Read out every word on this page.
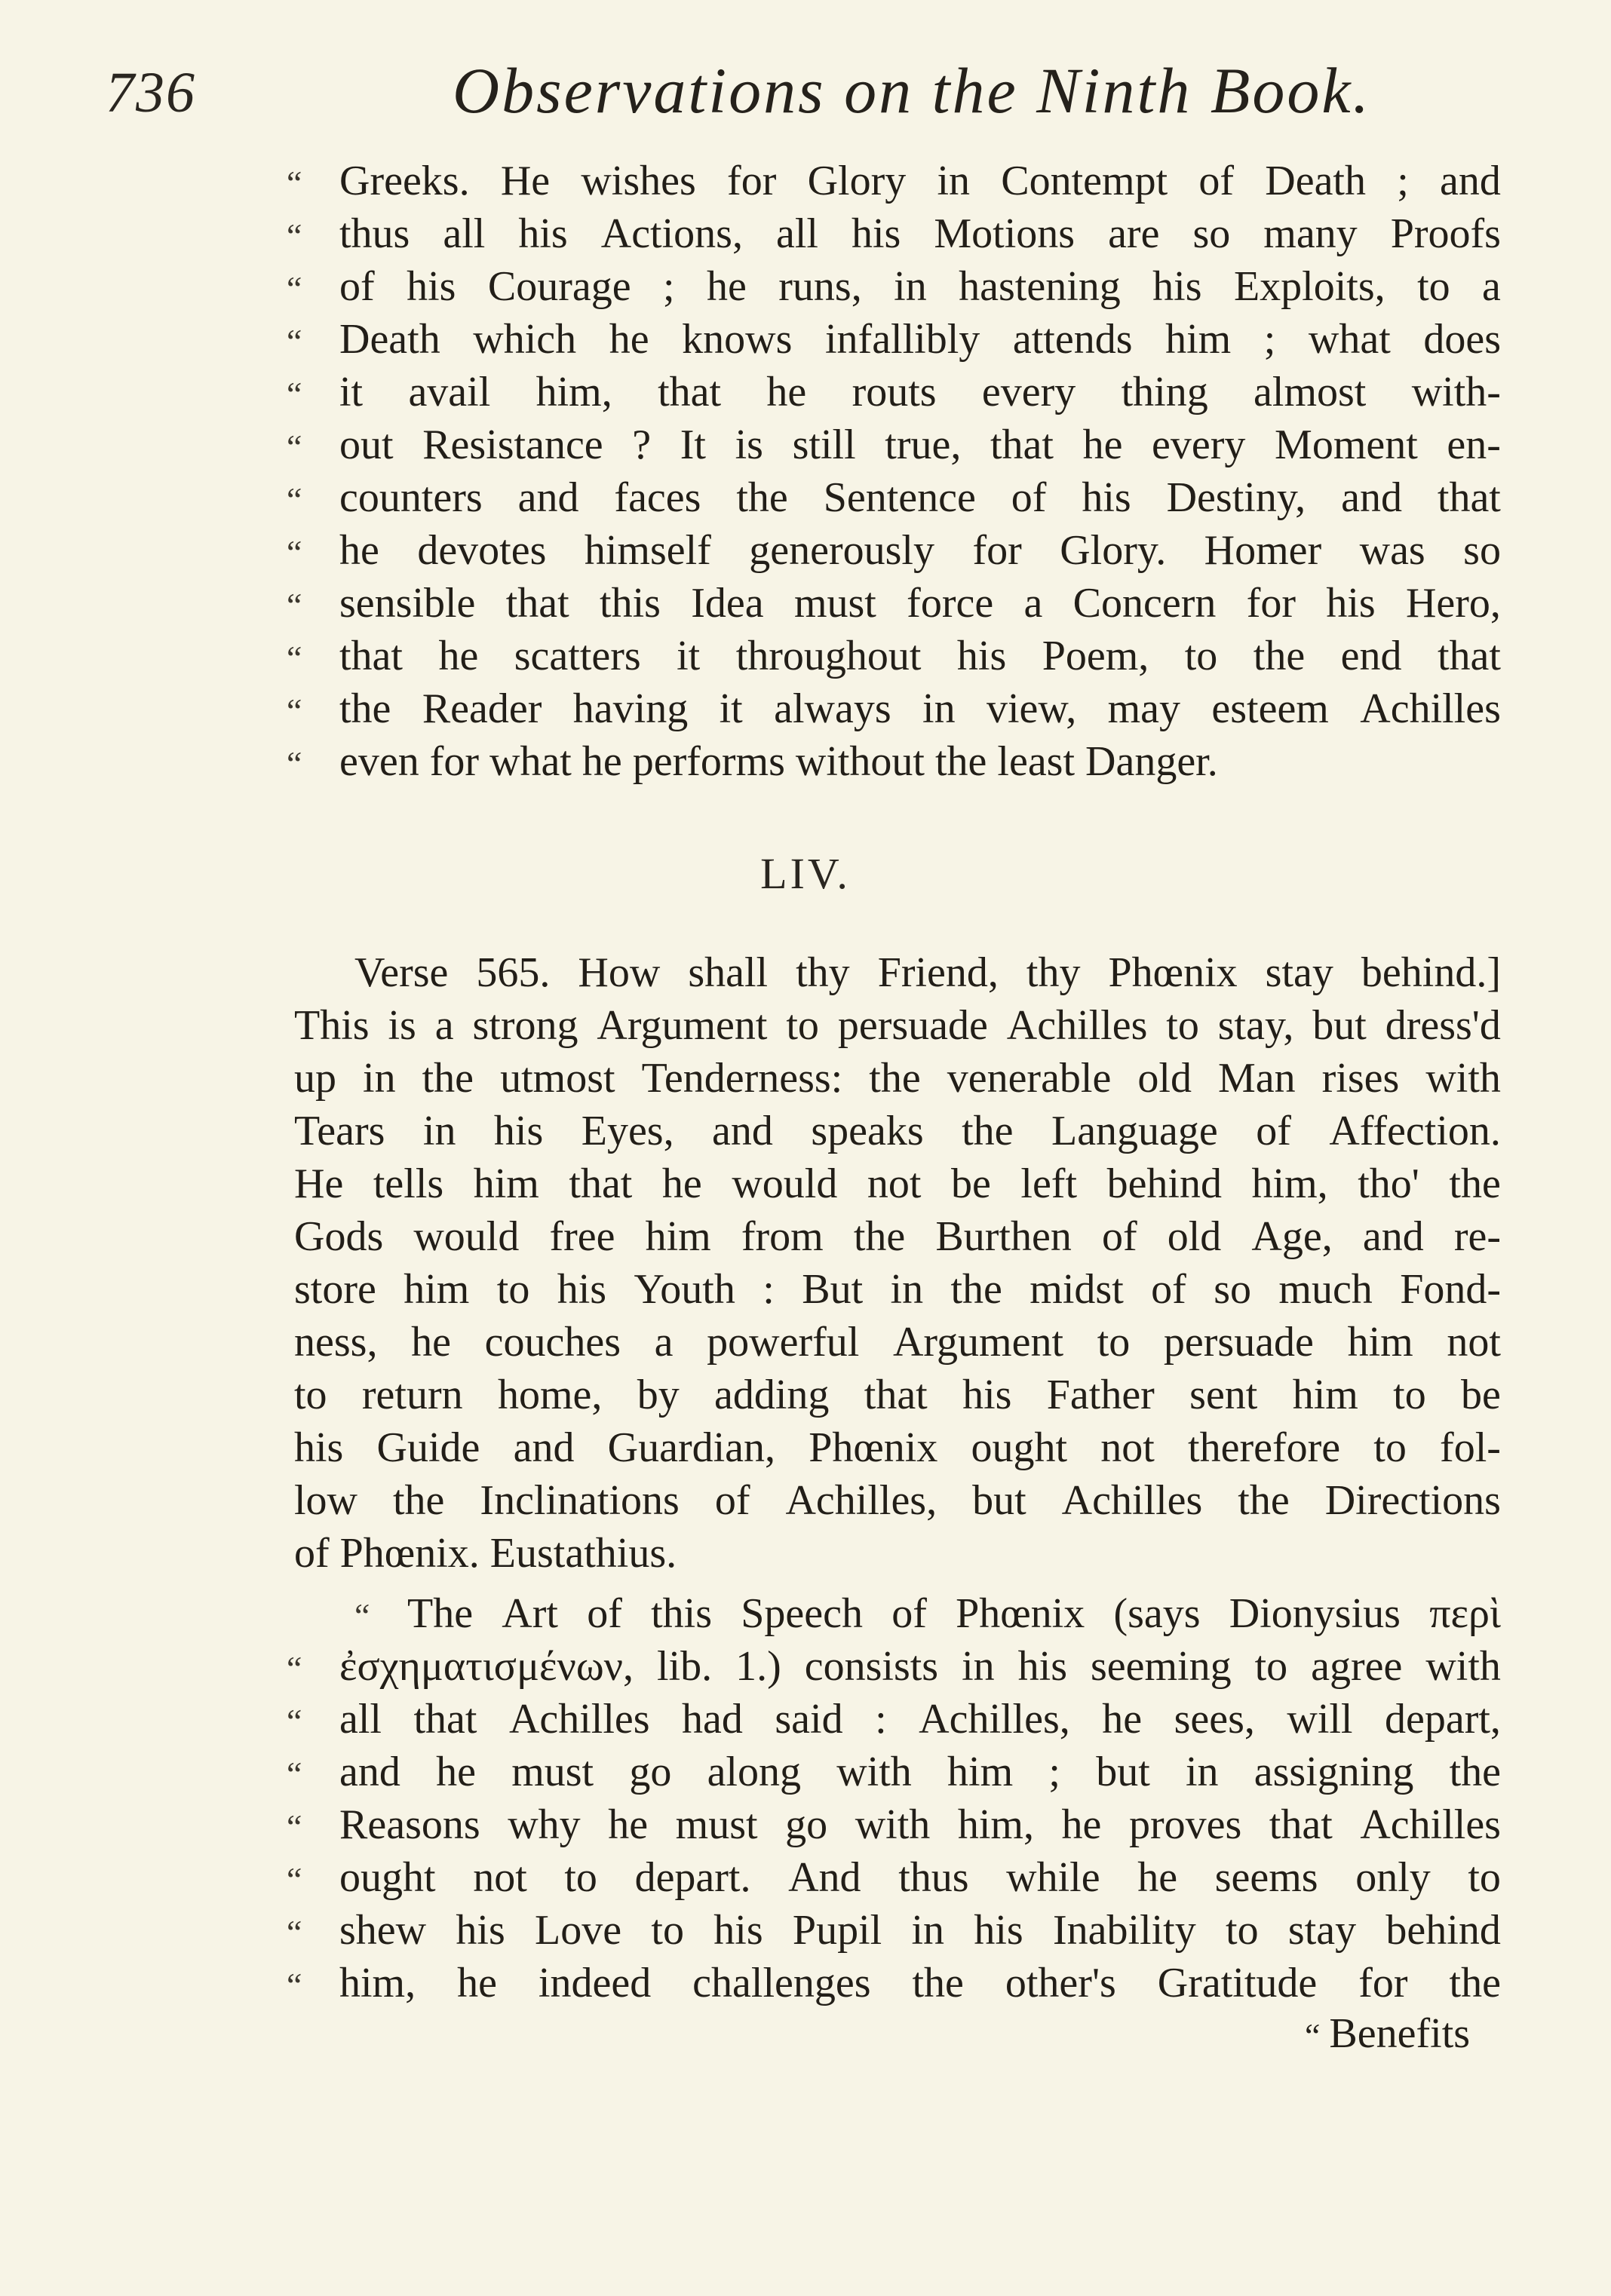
736	Observations on the Ninth Book.
“ Greeks. He wishes for Glory in Contempt of Death ; and
“ thus all his Actions, all his Motions are so many Proofs
“ of his Courage ; he runs, in hastening his Exploits, to a
“ Death which he knows infallibly attends him ; what does
“ it avail him, that he routs every thing almost with-
“ out Resistance ? It is still true, that he every Moment en-
“ counters and faces the Sentence of his Destiny, and that
“ he devotes himself generously for Glory. Homer was so
“ sensible that this Idea must force a Concern for his Hero,
“ that he scatters it throughout his Poem, to the end that
“ the Reader having it always in view, may esteem Achilles
“ even for what he performs without the least Danger.
LIV.
Verse 565. How shall thy Friend, thy Phœnix stay behind.]
This is a strong Argument to persuade Achilles to stay, but dress'd
up in the utmost Tenderness: the venerable old Man rises with
Tears in his Eyes, and speaks the Language of Affection.
He tells him that he would not be left behind him, tho' the
Gods would free him from the Burthen of old Age, and re-
store him to his Youth : But in the midst of so much Fond-
ness, he couches a powerful Argument to persuade him not
to return home, by adding that his Father sent him to be
his Guide and Guardian, Phœnix ought not therefore to fol-
low the Inclinations of Achilles, but Achilles the Directions
of Phœnix. Eustathius.
“ The Art of this Speech of Phœnix (says Dionysius περὶ
“ ἐσχηματισμένων, lib. 1.) consists in his seeming to agree with
“ all that Achilles had said : Achilles, he sees, will depart,
“ and he must go along with him ; but in assigning the
“ Reasons why he must go with him, he proves that Achilles
“ ought not to depart. And thus while he seems only to
“ shew his Love to his Pupil in his Inability to stay behind
“ him, he indeed challenges the other's Gratitude for the
“ Benefits
